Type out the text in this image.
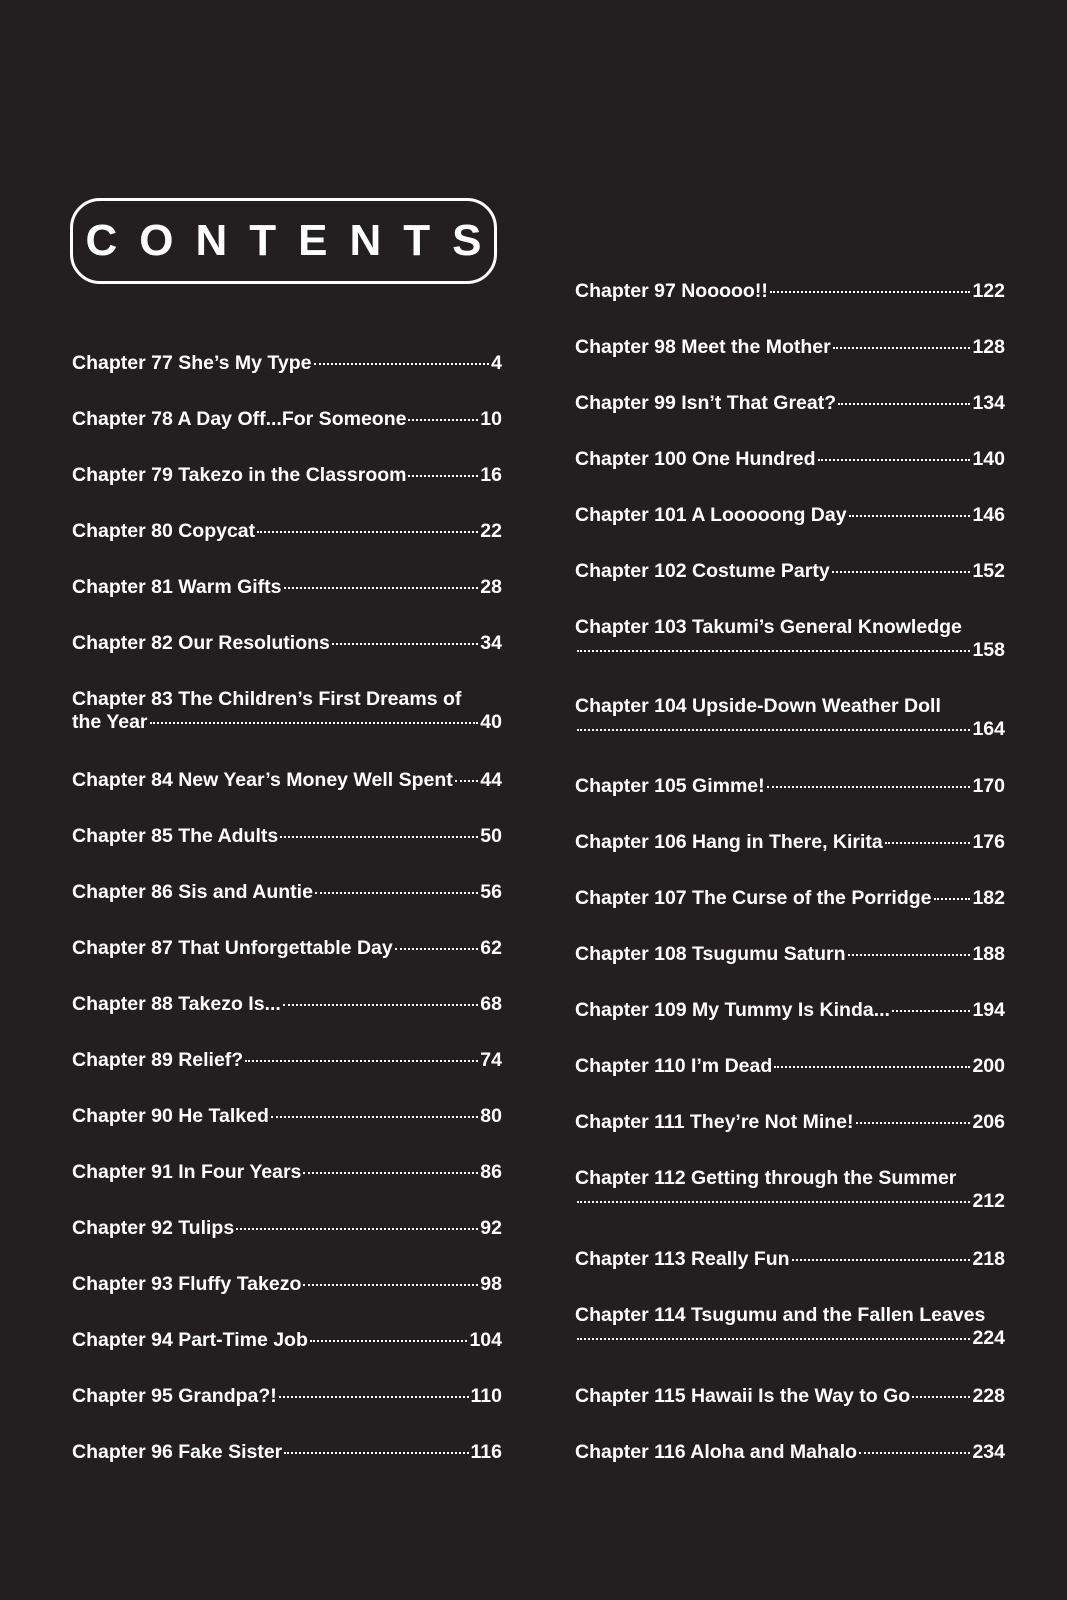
CONTENTS
Chapter 77 She’s My Type	4
Chapter 78 A Day Off...For Someone	10
Chapter 79 Takezo in the Classroom	16
Chapter 80 Copycat	22
Chapter 81 Warm Gifts	28
Chapter 82 Our Resolutions	34
Chapter 83 The Children’s First Dreams of
the Year	40
Chapter 84 New Year’s Money Well Spent 44
Chapter 85 The Adults	50
Chapter 86 Sis and Auntie	56
Chapter 87 That Unforgettable Day	62
Chapter 88 Takezo Is...	68
Chapter 89 Relief?	74
Chapter 90 He Talked	80
Chapter 91 In Four Years	86
Chapter 92 Tulips	92
Chapter 93 Fluffy Takezo	98
Chapter 94 Part-Time Job	104
Chapter 95 Grandpa?!	110
Chapter 96 Fake Sister	116
Chapter 97 Nooooo!!	122
Chapter 98 Meet the Mother	128
Chapter 99 Isn’t That Great?	134
Chapter 100 One Hundred	140
Chapter 101 A Looooong Day	146
Chapter 102 Costume Party	152
Chapter 103 Takumi’s General Knowledge
158
Chapter 104 Upside-Down Weather Doll
164
Chapter 105 Gimme!	170
Chapter 106 Hang in There, Kirita	176
Chapter 107 The Curse of the Porridge 182
Chapter 108 Tsugumu Saturn	188
Chapter 109 My Tummy Is Kinda...	194
Chapter 110 I’m Dead	200
Chapter 111 They’re Not Mine!	206
Chapter 112 Getting through the Summer
212
Chapter 113 Really Fun	218
Chapter 114 Tsugumu and the Fallen Leaves
224
Chapter 115 Hawaii Is the Way to Go	228
Chapter 116 Aloha and Mahalo	234
